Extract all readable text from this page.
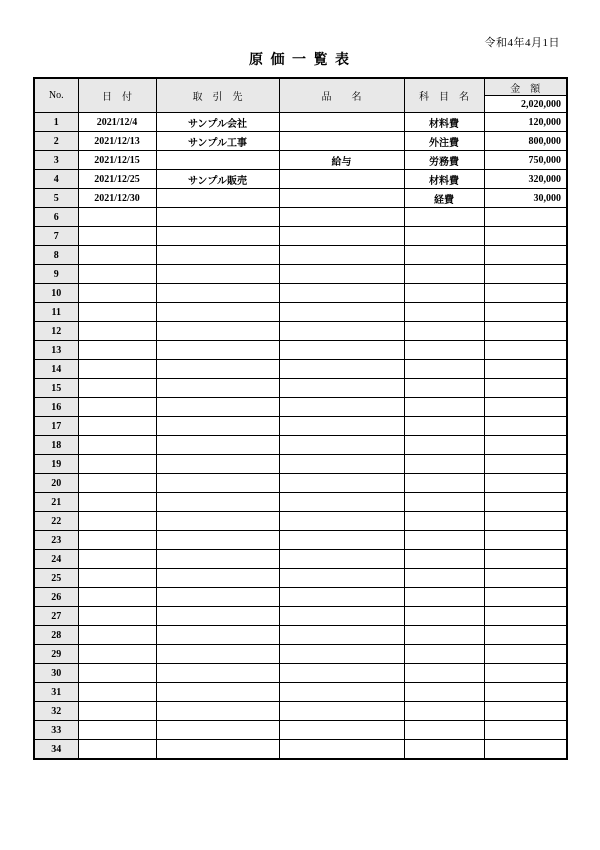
令和4年4月1日
原 価 一 覧 表
No.	日　付	取　引　先	品　　名	科　目　名	金　額
					2,020,000
1	2021/12/4	サンプル会社		材料費	120,000
2	2021/12/13	サンプル工事		外注費	800,000
3	2021/12/15		給与	労務費	750,000
4	2021/12/25	サンプル販売		材料費	320,000
5	2021/12/30			経費	30,000
6					
7					
8					
9					
10					
11					
12					
13					
14					
15					
16					
17					
18					
19					
20					
21					
22					
23					
24					
25					
26					
27					
28					
29					
30					
31					
32					
33					
34					
